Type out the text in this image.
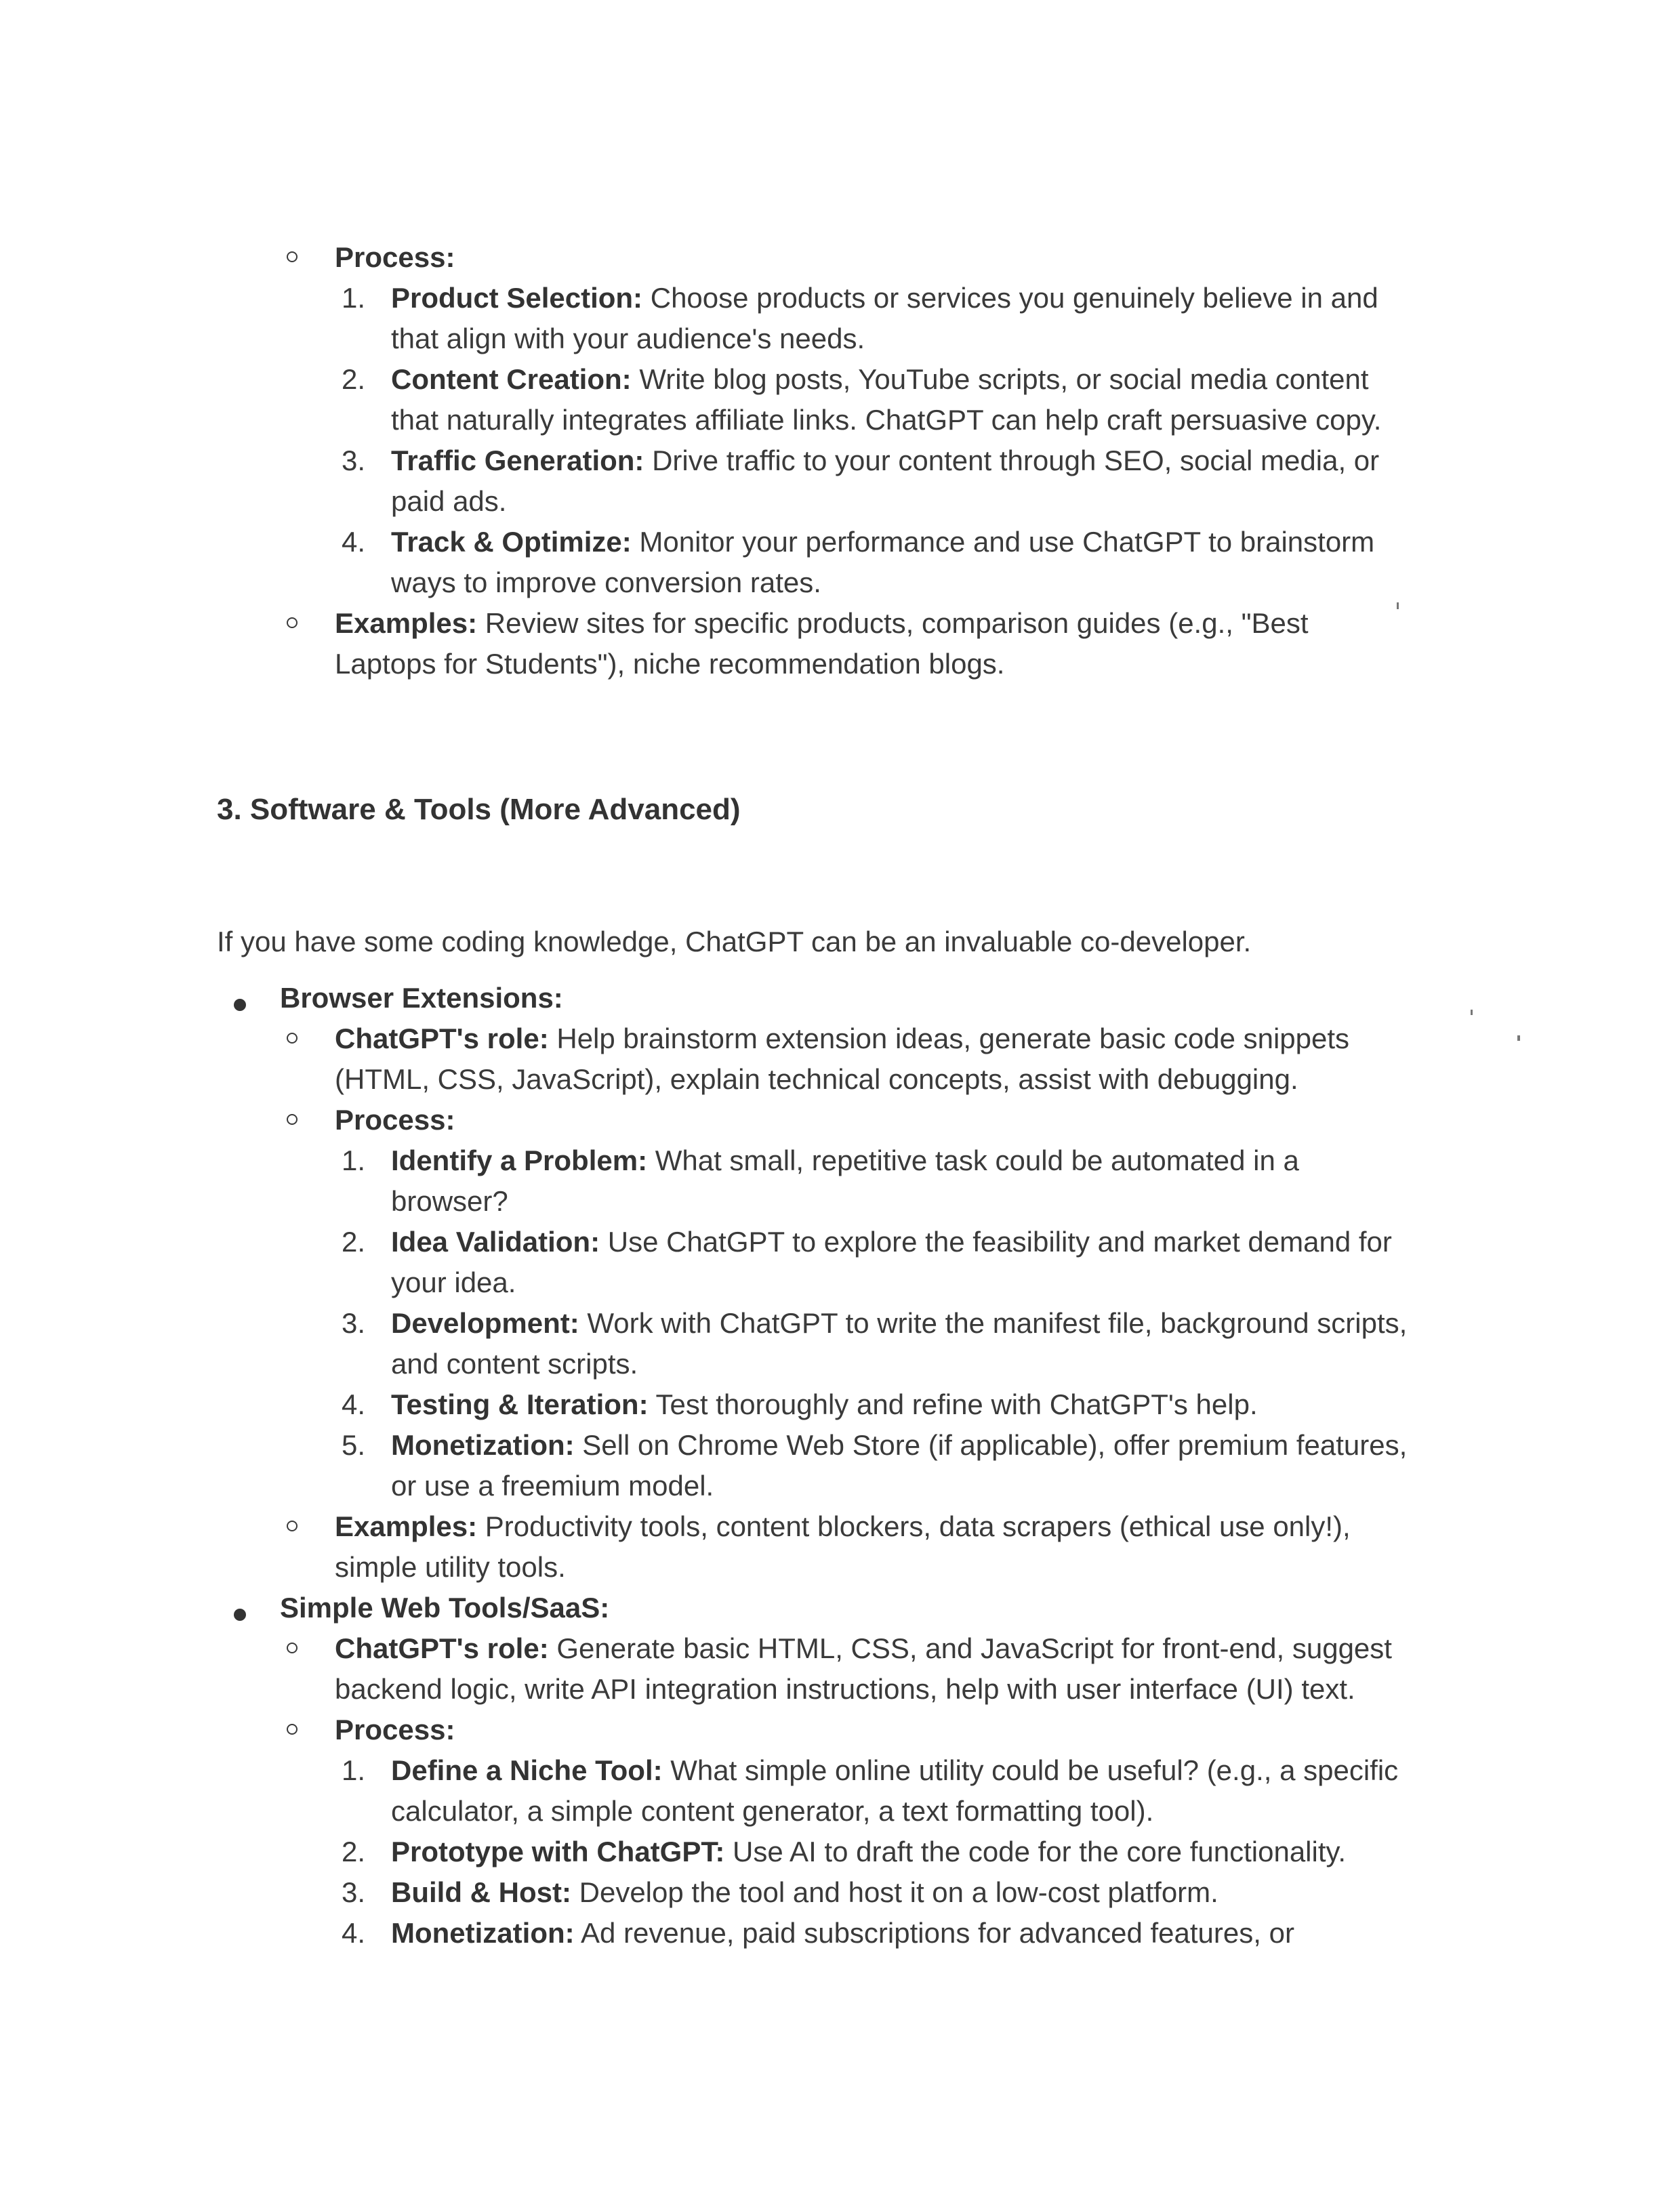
Process:
1. Product Selection: Choose products or services you genuinely believe in and
that align with your audience's needs.
2. Content Creation: Write blog posts, YouTube scripts, or social media content
that naturally integrates affiliate links. ChatGPT can help craft persuasive copy.
3. Traffic Generation: Drive traffic to your content through SEO, social media, or
paid ads.
4. Track & Optimize: Monitor your performance and use ChatGPT to brainstorm
ways to improve conversion rates.
Examples: Review sites for specific products, comparison guides (e.g., "Best
Laptops for Students"), niche recommendation blogs.
3. Software & Tools (More Advanced)
If you have some coding knowledge, ChatGPT can be an invaluable co-developer.
Browser Extensions:
ChatGPT's role: Help brainstorm extension ideas, generate basic code snippets
(HTML, CSS, JavaScript), explain technical concepts, assist with debugging.
Process:
1. Identify a Problem: What small, repetitive task could be automated in a
browser?
2. Idea Validation: Use ChatGPT to explore the feasibility and market demand for
your idea.
3. Development: Work with ChatGPT to write the manifest file, background scripts,
and content scripts.
4. Testing & Iteration: Test thoroughly and refine with ChatGPT's help.
5. Monetization: Sell on Chrome Web Store (if applicable), offer premium features,
or use a freemium model.
Examples: Productivity tools, content blockers, data scrapers (ethical use only!),
simple utility tools.
Simple Web Tools/SaaS:
ChatGPT's role: Generate basic HTML, CSS, and JavaScript for front-end, suggest
backend logic, write API integration instructions, help with user interface (UI) text.
Process:
1. Define a Niche Tool: What simple online utility could be useful? (e.g., a specific
calculator, a simple content generator, a text formatting tool).
2. Prototype with ChatGPT: Use AI to draft the code for the core functionality.
3. Build & Host: Develop the tool and host it on a low-cost platform.
4. Monetization: Ad revenue, paid subscriptions for advanced features, or
